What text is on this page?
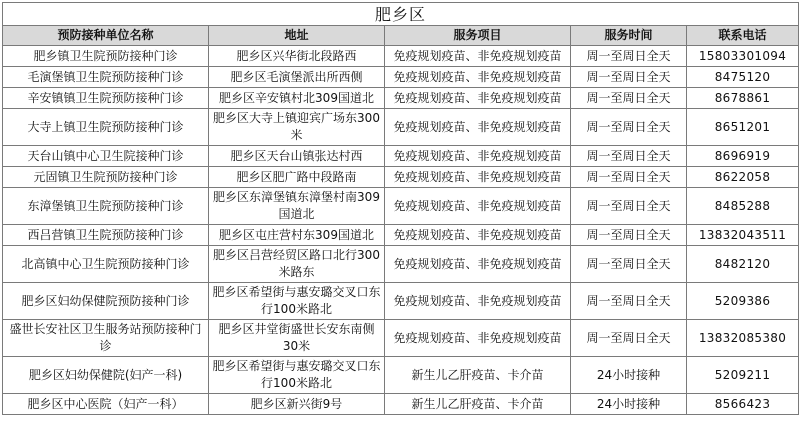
肥乡区				
预防接种单位名称	地址	服务项目	服务时间	联系电话
肥乡镇卫生院预防接种门诊	肥乡区兴华街北段路西	免疫规划疫苗、非免疫规划疫苗	周一至周日全天	15803301094
毛演堡镇卫生院预防接种门诊	肥乡区毛演堡派出所西侧	免疫规划疫苗、非免疫规划疫苗	周一至周日全天	8475120
辛安镇镇卫生院预防接种门诊	肥乡区辛安镇村北309国道北	免疫规划疫苗、非免疫规划疫苗	周一至周日全天	8678861
大寺上镇卫生院预防接种门诊	肥乡区大寺上镇迎宾广场东300米	免疫规划疫苗、非免疫规划疫苗	周一至周日全天	8651201
天台山镇中心卫生院接种门诊	肥乡区天台山镇张达村西	免疫规划疫苗、非免疫规划疫苗	周一至周日全天	8696919
元固镇卫生院预防接种门诊	肥乡区肥广路中段路南	免疫规划疫苗、非免疫规划疫苗	周一至周日全天	8622058
东漳堡镇卫生院预防接种门诊	肥乡区东漳堡镇东漳堡村南309国道北	免疫规划疫苗、非免疫规划疫苗	周一至周日全天	8485288
西吕营镇卫生院预防接种门诊	肥乡区屯庄营村东309国道北	免疫规划疫苗、非免疫规划疫苗	周一至周日全天	13832043511
北高镇中心卫生院预防接种门诊	肥乡区吕营经贸区路口北行300米路东	免疫规划疫苗、非免疫规划疫苗	周一至周日全天	8482120
肥乡区妇幼保健院预防接种门诊	肥乡区希望街与惠安璐交叉口东行100米路北	免疫规划疫苗、非免疫规划疫苗	周一至周日全天	5209386
盛世长安社区卫生服务站预防接种门诊	肥乡区井堂街盛世长安东南侧30米	免疫规划疫苗、非免疫规划疫苗	周一至周日全天	13832085380
肥乡区妇幼保健院(妇产一科)	肥乡区希望街与惠安璐交叉口东行100米路北	新生儿乙肝疫苗、卡介苗	24小时接种	5209211
肥乡区中心医院（妇产一科）	肥乡区新兴街9号	新生儿乙肝疫苗、卡介苗	24小时接种	8566423
